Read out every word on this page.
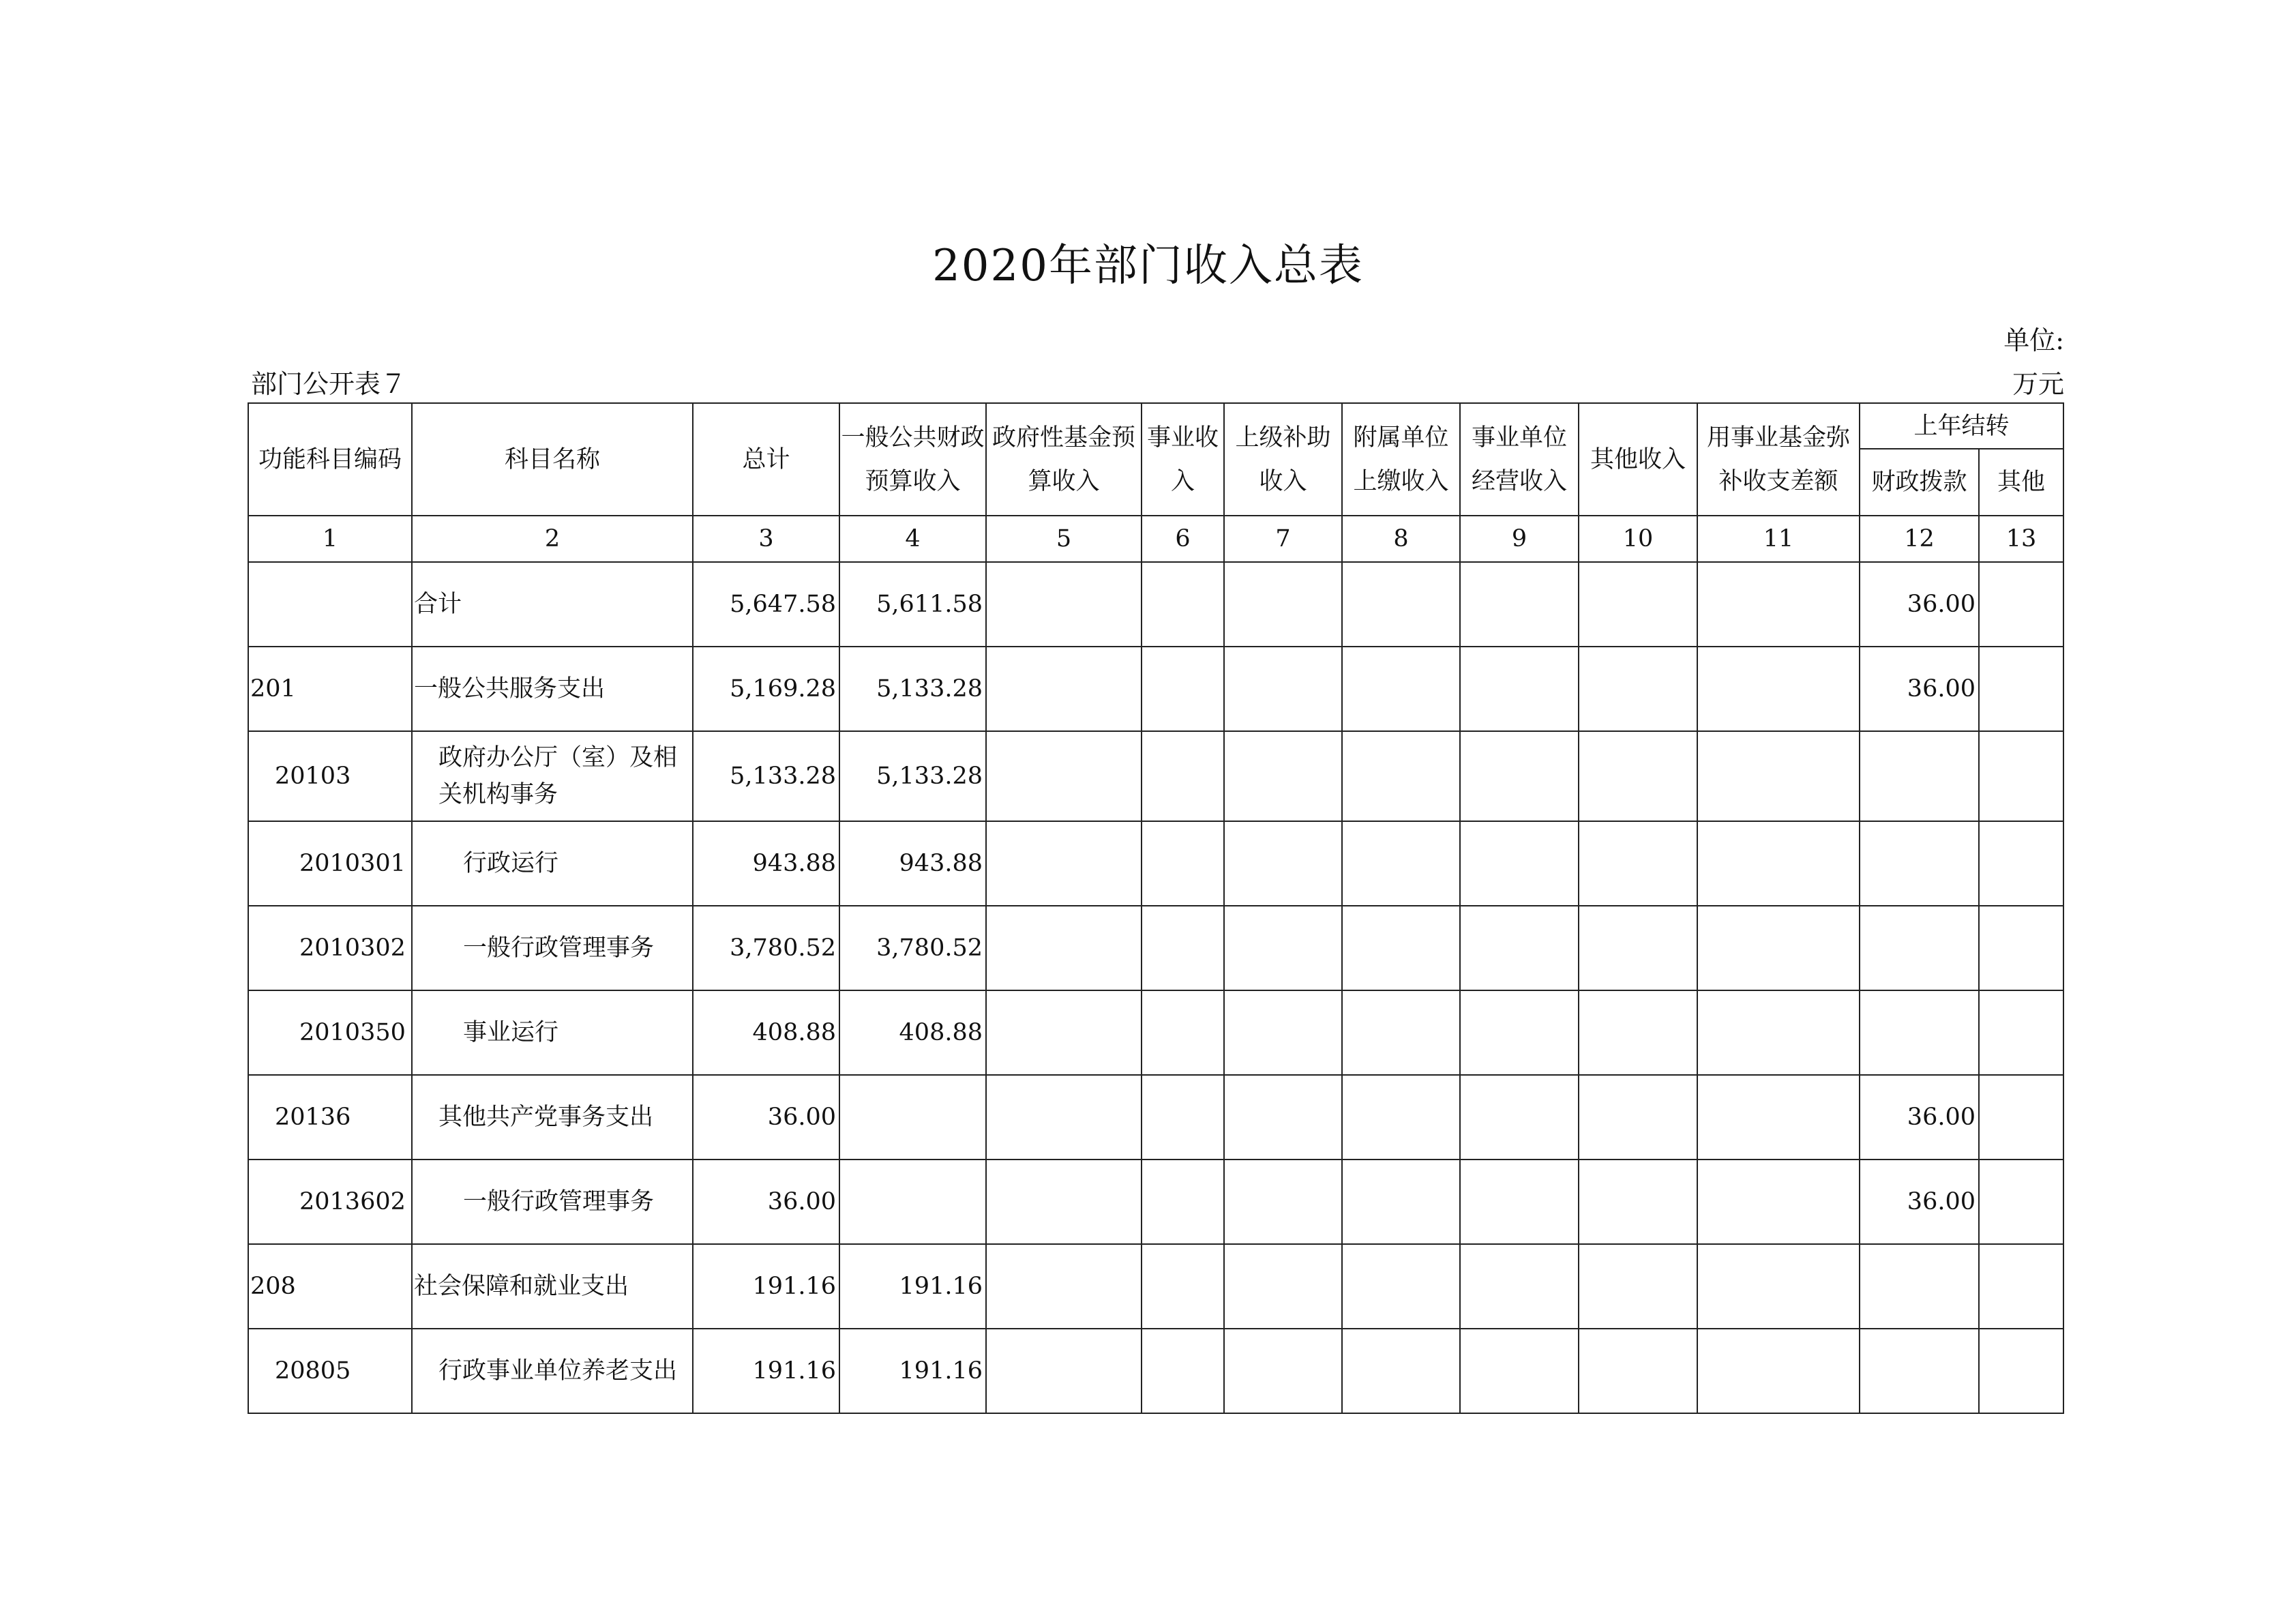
2020年部门收入总表
单位:
部门公开表７	万元
功能科目编码	科目名称	总计	一般公共财政预算收入	政府性基金预算收入	事业收入	上级补助收入	附属单位上缴收入	事业单位经营收入	其他收入	用事业基金弥补收支差额	上年结转	
											财政拨款	其他
1	2	3	4	5	6	7	8	9	10	11	12	13
	合计	5,647.58	5,611.58								36.00	
201	一般公共服务支出	5,169.28	5,133.28								36.00	
20103	政府办公厅（室）及相关机构事务	5,133.28	5,133.28									
2010301	行政运行	943.88	943.88									
2010302	一般行政管理事务	3,780.52	3,780.52									
2010350	事业运行	408.88	408.88									
20136	其他共产党事务支出	36.00									36.00	
2013602	一般行政管理事务	36.00									36.00	
208	社会保障和就业支出	191.16	191.16									
20805	行政事业单位养老支出	191.16	191.16									
